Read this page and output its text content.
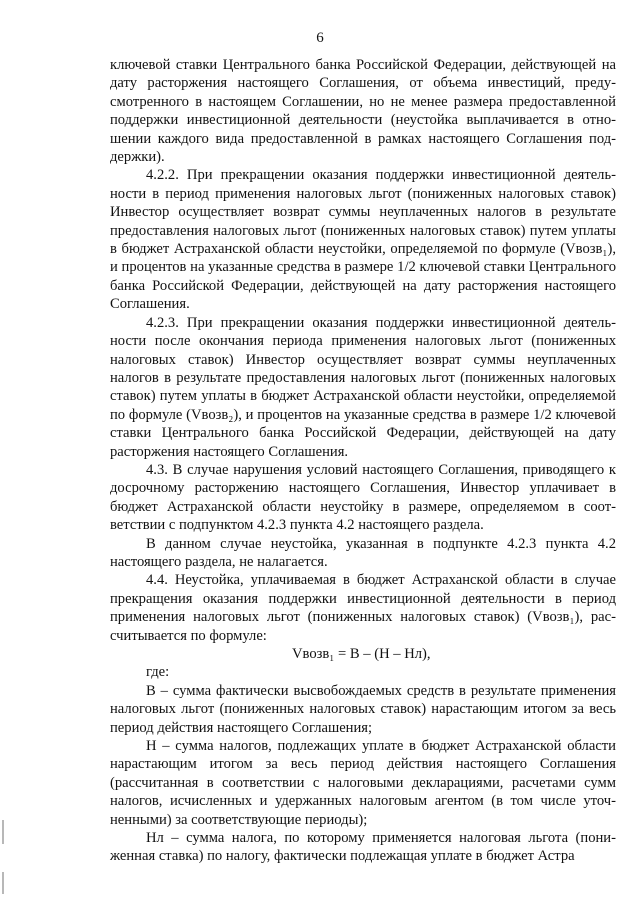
6

ключевой ставки Центрального банка Российской Федерации, действующей на дату расторжения настоящего Соглашения, от объема инвестиций, предусмотренного в настоящем Соглашении, но не менее размера предоставленной поддержки инвестиционной деятельности (неустойка выплачивается в отношении каждого вида предоставленной в рамках настоящего Соглашения поддержки).

4.2.2. При прекращении оказания поддержки инвестиционной деятельности в период применения налоговых льгот (пониженных налоговых ставок) Инвестор осуществляет возврат суммы неуплаченных налогов в результате предоставления налоговых льгот (пониженных налоговых ставок) путем уплаты в бюджет Астраханской области неустойки, определяемой по формуле (Vвозв₁), и процентов на указанные средства в размере 1/2 ключевой ставки Центрального банка Российской Федерации, действующей на дату расторжения настоящего Соглашения.

4.2.3. При прекращении оказания поддержки инвестиционной деятельности после окончания периода применения налоговых льгот (пониженных налоговых ставок) Инвестор осуществляет возврат суммы неуплаченных налогов в результате предоставления налоговых льгот (пониженных налоговых ставок) путем уплаты в бюджет Астраханской области неустойки, определяемой по формуле (Vвозв₂), и процентов на указанные средства в размере 1/2 ключевой ставки Центрального банка Российской Федерации, действующей на дату расторжения настоящего Соглашения.

4.3. В случае нарушения условий настоящего Соглашения, приводящего к досрочному расторжению настоящего Соглашения, Инвестор уплачивает в бюджет Астраханской области неустойку в размере, определяемом в соответствии с подпунктом 4.2.3 пункта 4.2 настоящего раздела.

В данном случае неустойка, указанная в подпункте 4.2.3 пункта 4.2 настоящего раздела, не налагается.

4.4. Неустойка, уплачиваемая в бюджет Астраханской области в случае прекращения оказания поддержки инвестиционной деятельности в период применения налоговых льгот (пониженных налоговых ставок) (Vвозв₁), рассчитывается по формуле:

Vвозв₁ = В – (Н – Нл),

где:

В – сумма фактически высвобождаемых средств в результате применения налоговых льгот (пониженных налоговых ставок) нарастающим итогом за весь период действия настоящего Соглашения;

Н – сумма налогов, подлежащих уплате в бюджет Астраханской области нарастающим итогом за весь период действия настоящего Соглашения (рассчитанная в соответствии с налоговыми декларациями, расчетами сумм налогов, исчисленных и удержанных налоговым агентом (в том числе уточненными) за соответствующие периоды);

Нл – сумма налога, по которому применяется налоговая льгота (пониженная ставка) по налогу, фактически подлежащая уплате в бюджет Астра
